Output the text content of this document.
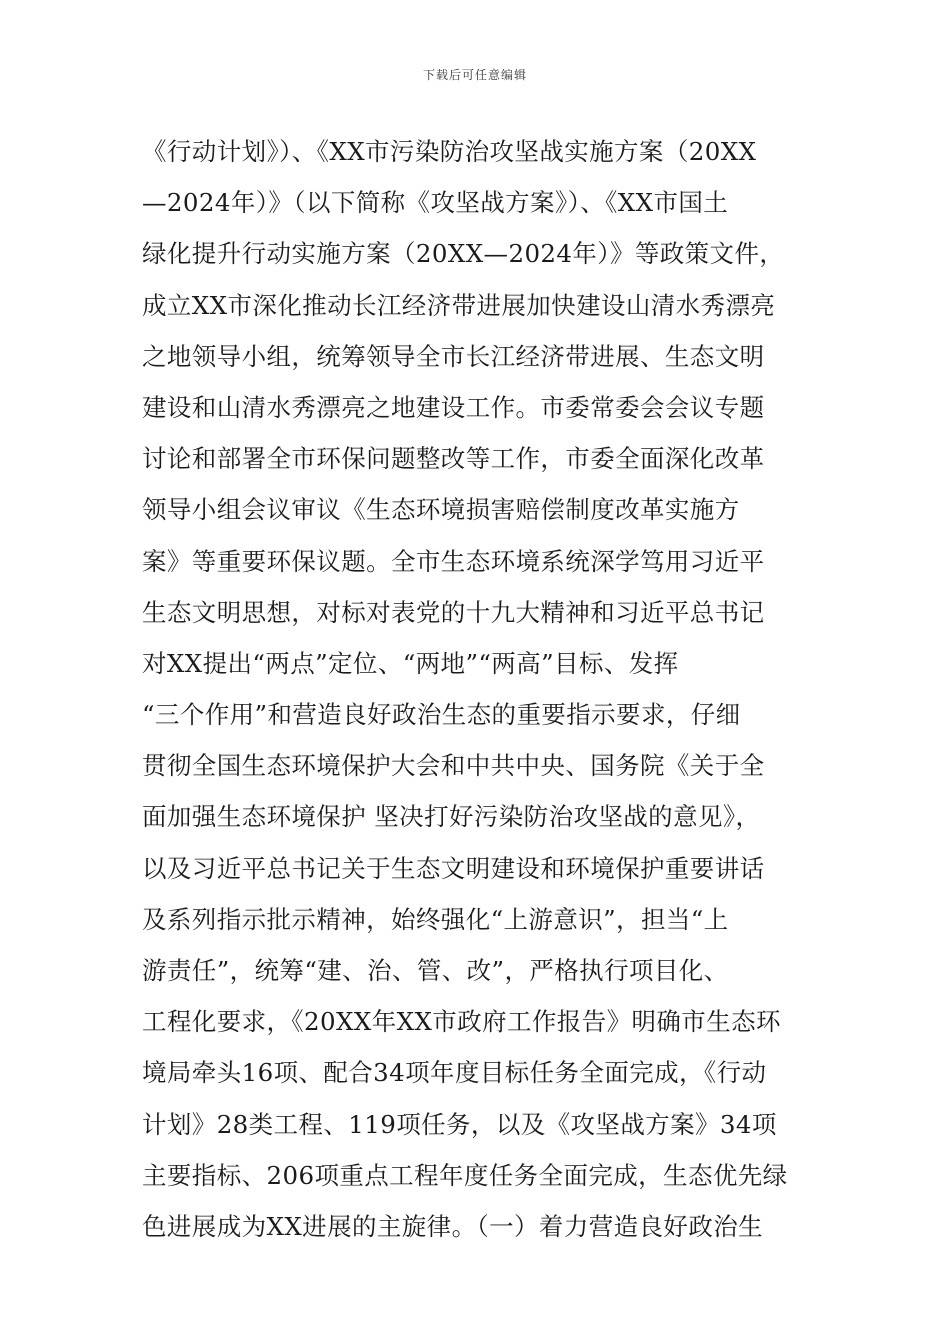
下载后可任意编辑
《行动计划》）、《XX市污染防治攻坚战实施方案（20XX
—2024年）》（以下简称《攻坚战方案》）、《XX市国土
绿化提升行动实施方案（20XX—2024年）》等政策文件，
成立XX市深化推动长江经济带进展加快建设山清水秀漂亮
之地领导小组，统筹领导全市长江经济带进展、生态文明
建设和山清水秀漂亮之地建设工作。市委常委会会议专题
讨论和部署全市环保问题整改等工作，市委全面深化改革
领导小组会议审议《生态环境损害赔偿制度改革实施方
案》等重要环保议题。全市生态环境系统深学笃用习近平
生态文明思想，对标对表党的十九大精神和习近平总书记
对XX提出“两点”定位、“两地”“两高”目标、发挥
“三个作用”和营造良好政治生态的重要指示要求，仔细
贯彻全国生态环境保护大会和中共中央、国务院《关于全
面加强生态环境保护 坚决打好污染防治攻坚战的意见》，
以及习近平总书记关于生态文明建设和环境保护重要讲话
及系列指示批示精神，始终强化“上游意识”，担当“上
游责任”，统筹“建、治、管、改”，严格执行项目化、
工程化要求，《20XX年XX市政府工作报告》明确市生态环
境局牵头16项、配合34项年度目标任务全面完成，《行动
计划》28类工程、119项任务，以及《攻坚战方案》34项
主要指标、206项重点工程年度任务全面完成，生态优先绿
色进展成为XX进展的主旋律。（一）着力营造良好政治生
